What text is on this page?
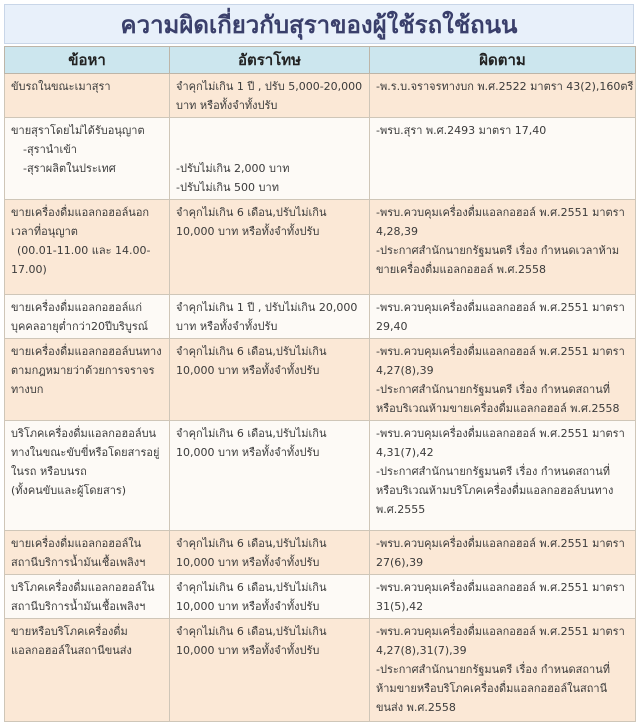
ความผิดเกี่ยวกับสุราของผู้ใช้รถใช้ถนน
ข้อหา	อัตราโทษ	ผิดตาม

ขับรถในขณะเมาสุรา	จำคุกไม่เกิน 1 ปี , ปรับ 5,000-20,000
บาท หรือทั้งจำทั้งปรับ	-พ.ร.บ.จราจรทางบก พ.ศ.2522 มาตรา 43(2),160ตรี

ขายสุราโดยไม่ได้รับอนุญาต
-สุรานำเข้า
-สุราผลิตในประเทศ	-ปรับไม่เกิน 2,000 บาท
-ปรับไม่เกิน 500 บาท	-พรบ.สุรา พ.ศ.2493 มาตรา 17,40

ขายเครื่องดื่มแอลกอฮอล์นอก
เวลาที่อนุญาต
(00.01-11.00 และ 14.00-
17.00)	จำคุกไม่เกิน 6 เดือน,ปรับไม่เกิน
10,000 บาท หรือทั้งจำทั้งปรับ	-พรบ.ควบคุมเครื่องดื่มแอลกอฮอล์ พ.ศ.2551 มาตรา
4,28,39
-ประกาศสำนักนายกรัฐมนตรี เรื่อง กำหนดเวลาห้าม
ขายเครื่องดื่มแอลกอฮอล์ พ.ศ.2558

ขายเครื่องดื่มแอลกอฮอล์แก่
บุคคลอายุต่ำกว่า20ปีบริบูรณ์	จำคุกไม่เกิน 1 ปี , ปรับไม่เกิน 20,000
บาท หรือทั้งจำทั้งปรับ	-พรบ.ควบคุมเครื่องดื่มแอลกอฮอล์ พ.ศ.2551 มาตรา
29,40

ขายเครื่องดื่มแอลกอฮอล์บนทาง
ตามกฎหมายว่าด้วยการจราจร
ทางบก	จำคุกไม่เกิน 6 เดือน,ปรับไม่เกิน
10,000 บาท หรือทั้งจำทั้งปรับ	-พรบ.ควบคุมเครื่องดื่มแอลกอฮอล์ พ.ศ.2551 มาตรา
4,27(8),39
-ประกาศสำนักนายกรัฐมนตรี เรื่อง กำหนดสถานที่
หรือบริเวณห้ามขายเครื่องดื่มแอลกอฮอล์ พ.ศ.2558

บริโภคเครื่องดื่มแอลกอฮอล์บน
ทางในขณะขับขี่หรือโดยสารอยู่
ในรถ หรือบนรถ
(ทั้งคนขับและผู้โดยสาร)	จำคุกไม่เกิน 6 เดือน,ปรับไม่เกิน
10,000 บาท หรือทั้งจำทั้งปรับ	-พรบ.ควบคุมเครื่องดื่มแอลกอฮอล์ พ.ศ.2551 มาตรา
4,31(7),42
-ประกาศสำนักนายกรัฐมนตรี เรื่อง กำหนดสถานที่
หรือบริเวณห้ามบริโภคเครื่องดื่มแอลกอฮอล์บนทาง
พ.ศ.2555

ขายเครื่องดื่มแอลกอฮอล์ใน
สถานีบริการน้ำมันเชื้อเพลิงฯ	จำคุกไม่เกิน 6 เดือน,ปรับไม่เกิน
10,000 บาท หรือทั้งจำทั้งปรับ	-พรบ.ควบคุมเครื่องดื่มแอลกอฮอล์ พ.ศ.2551 มาตรา
27(6),39

บริโภคเครื่องดื่มแอลกอฮอล์ใน
สถานีบริการน้ำมันเชื้อเพลิงฯ	จำคุกไม่เกิน 6 เดือน,ปรับไม่เกิน
10,000 บาท หรือทั้งจำทั้งปรับ	-พรบ.ควบคุมเครื่องดื่มแอลกอฮอล์ พ.ศ.2551 มาตรา
31(5),42

ขายหรือบริโภคเครื่องดื่ม
แอลกอฮอล์ในสถานีขนส่ง	จำคุกไม่เกิน 6 เดือน,ปรับไม่เกิน
10,000 บาท หรือทั้งจำทั้งปรับ	-พรบ.ควบคุมเครื่องดื่มแอลกอฮอล์ พ.ศ.2551 มาตรา
4,27(8),31(7),39
-ประกาศสำนักนายกรัฐมนตรี เรื่อง กำหนดสถานที่
ห้ามขายหรือบริโภคเครื่องดื่มแอลกอฮอล์ในสถานี
ขนส่ง พ.ศ.2558
